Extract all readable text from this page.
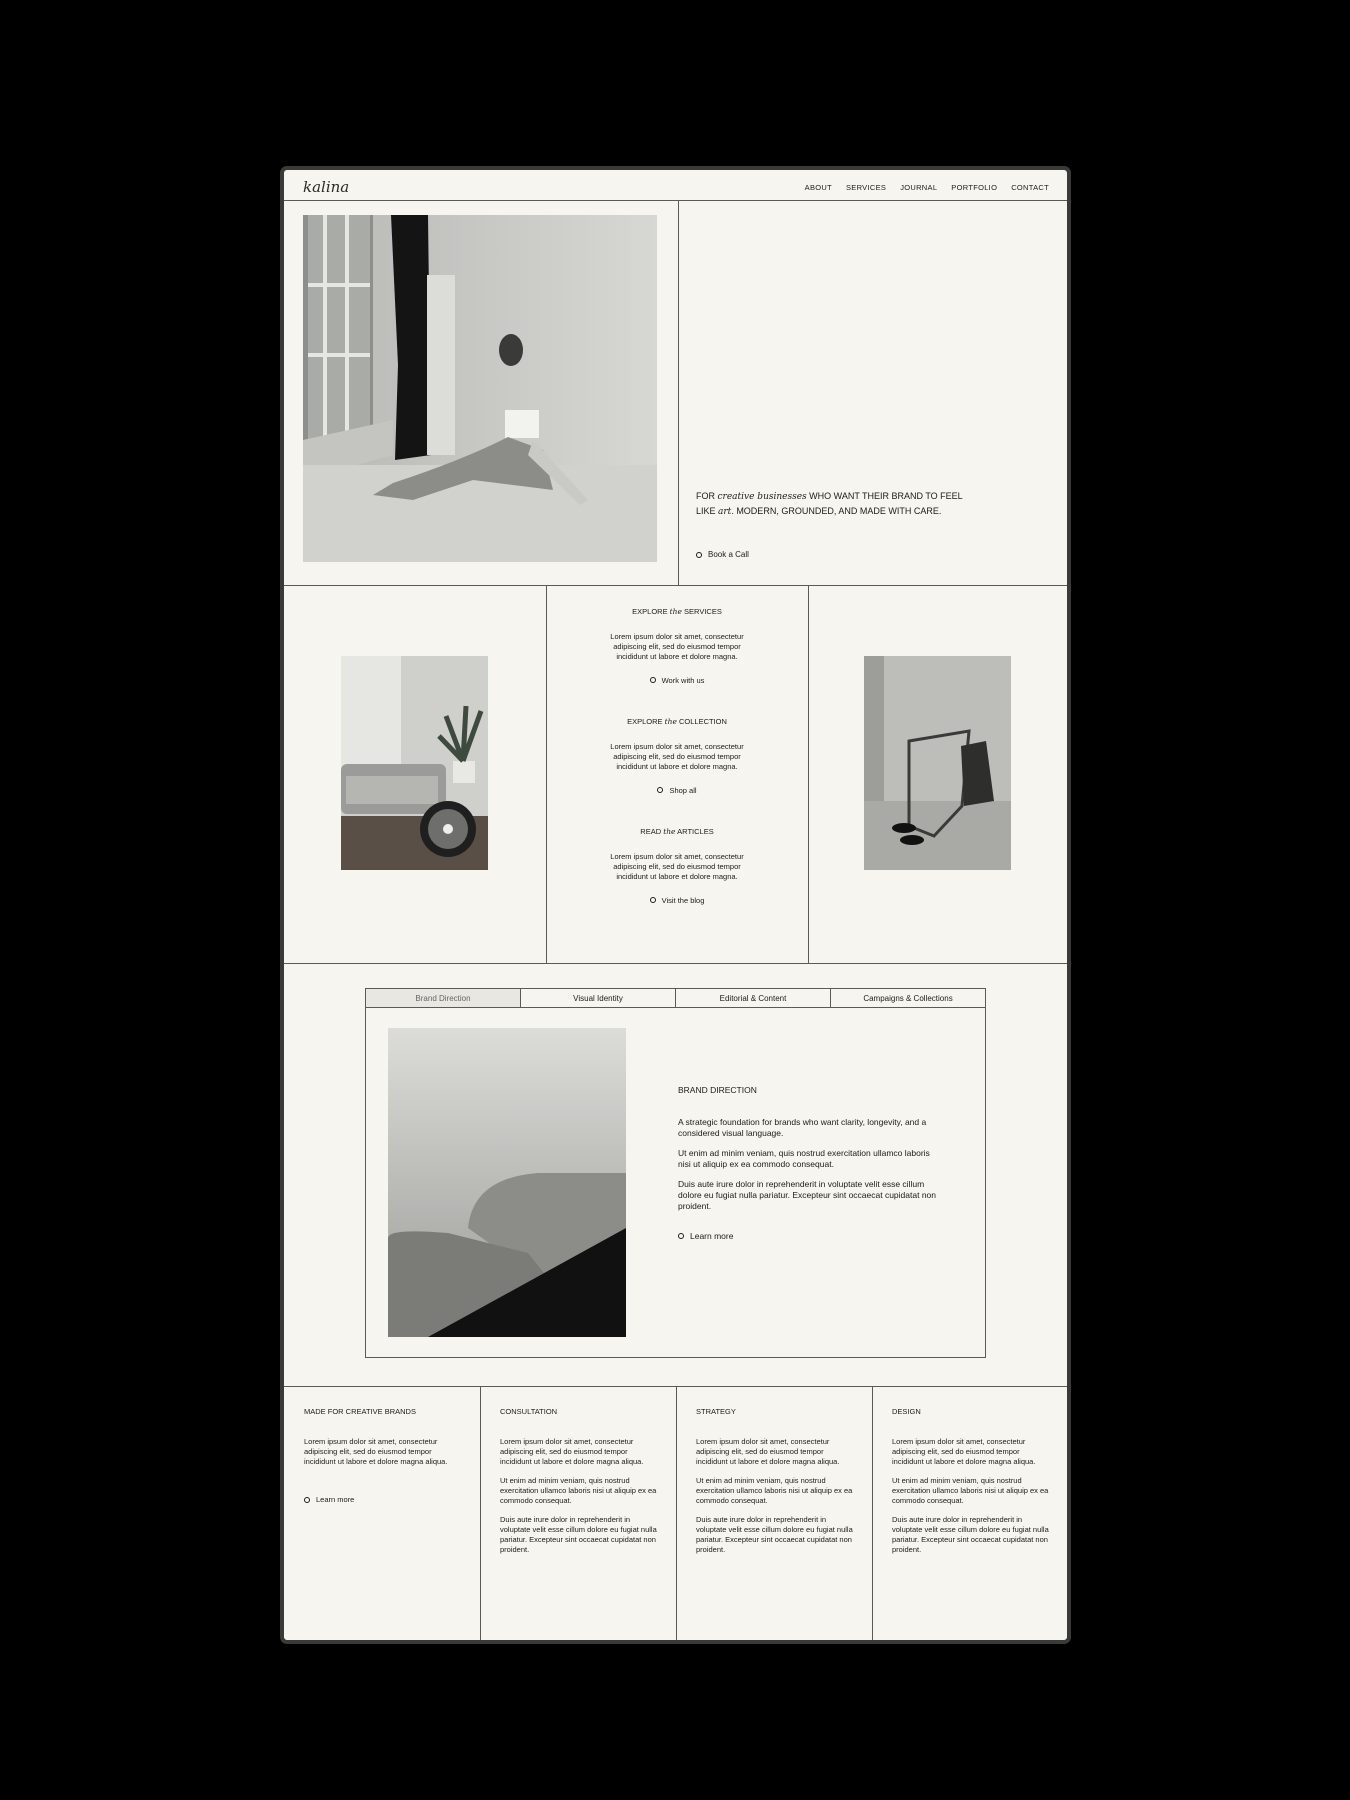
kalina	ABOUT SERVICES JOURNAL PORTFOLIO CONTACT
FOR creative businesses WHO WANT THEIR BRAND TO FEEL LIKE art. MODERN, GROUNDED, AND MADE WITH CARE.
Book a Call
EXPLORE the SERVICES
Lorem ipsum dolor sit amet, consectetur adipiscing elit, sed do eiusmod tempor incididunt ut labore et dolore magna.
Work with us
EXPLORE the COLLECTION
Lorem ipsum dolor sit amet, consectetur adipiscing elit, sed do eiusmod tempor incididunt ut labore et dolore magna.
Shop all
READ the ARTICLES
Lorem ipsum dolor sit amet, consectetur adipiscing elit, sed do eiusmod tempor incididunt ut labore et dolore magna.
Visit the blog
Brand Direction	Visual Identity	Editorial & Content	Campaigns & Collections
BRAND DIRECTION

A strategic foundation for brands who want clarity, longevity, and a considered visual language.

Ut enim ad minim veniam, quis nostrud exercitation ullamco laboris nisi ut aliquip ex ea commodo consequat.

Duis aute irure dolor in reprehenderit in voluptate velit esse cillum dolore eu fugiat nulla pariatur. Excepteur sint occaecat cupidatat non proident.

Learn more
MADE FOR CREATIVE BRANDS

Lorem ipsum dolor sit amet, consectetur adipiscing elit, sed do eiusmod tempor incididunt ut labore et dolore magna aliqua.

Learn more
CONSULTATION

Lorem ipsum dolor sit amet, consectetur adipiscing elit, sed do eiusmod tempor incididunt ut labore et dolore magna aliqua.

Ut enim ad minim veniam, quis nostrud exercitation ullamco laboris nisi ut aliquip ex ea commodo consequat.

Duis aute irure dolor in reprehenderit in voluptate velit esse cillum dolore eu fugiat nulla pariatur. Excepteur sint occaecat cupidatat non proident.

STRATEGY

Lorem ipsum dolor sit amet, consectetur adipiscing elit, sed do eiusmod tempor incididunt ut labore et dolore magna aliqua.

Ut enim ad minim veniam, quis nostrud exercitation ullamco laboris nisi ut aliquip ex ea commodo consequat.

Duis aute irure dolor in reprehenderit in voluptate velit esse cillum dolore eu fugiat nulla pariatur. Excepteur sint occaecat cupidatat non proident.

DESIGN

Lorem ipsum dolor sit amet, consectetur adipiscing elit, sed do eiusmod tempor incididunt ut labore et dolore magna aliqua.

Ut enim ad minim veniam, quis nostrud exercitation ullamco laboris nisi ut aliquip ex ea commodo consequat.

Duis aute irure dolor in reprehenderit in voluptate velit esse cillum dolore eu fugiat nulla pariatur. Excepteur sint occaecat cupidatat non proident.
